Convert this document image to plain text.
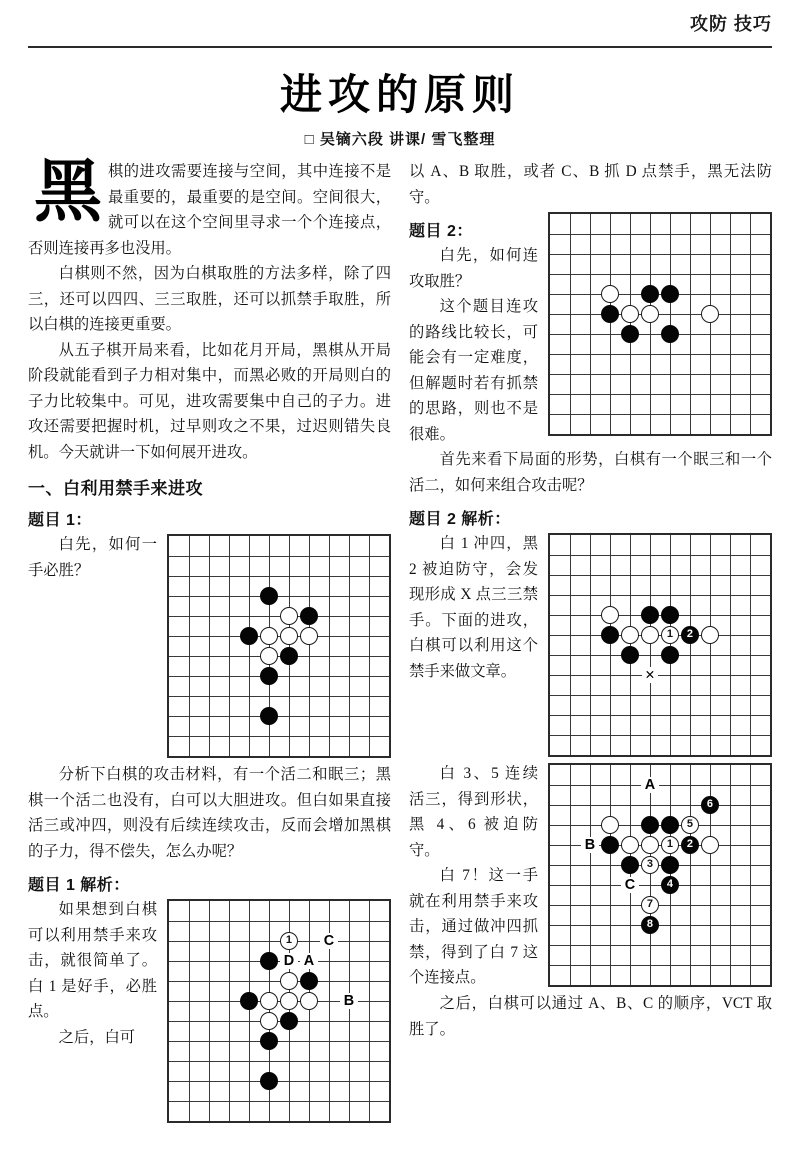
攻防 技巧
进攻的原则
□ 吴镝六段 讲课/ 雪飞整理

黑棋的进攻需要连接与空间，其中连接不是最重要的，最重要的是空间。空间很大，就可以在这个空间里寻求一个个连接点，否则连接再多也没用。

白棋则不然，因为白棋取胜的方法多样，除了四三，还可以四四、三三取胜，还可以抓禁手取胜，所以白棋的连接更重要。

从五子棋开局来看，比如花月开局，黑棋从开局阶段就能看到子力相对集中，而黑必败的开局则白的子力比较集中。可见，进攻需要集中自己的子力。进攻还需要把握时机，过早则攻之不果，过迟则错失良机。今天就讲一下如何展开进攻。

一、白利用禁手来进攻
题目 1：

白先，如何一手必胜？

分析下白棋的攻击材料，有一个活二和眠三；黑棋一个活二也没有，白可以大胆进攻。但白如果直接活三或冲四，则没有后续连续攻击，反而会增加黑棋的子力，得不偿失，怎么办呢？

题目 1 解析：
1	C
D A
B

如果想到白棋可以利用禁手来攻击，就很简单了。白 1 是好手，必胜点。

之后，白可

以 A、B 取胜，或者 C、B 抓 D 点禁手，黑无法防守。

题目 2：

白先，如何连攻取胜？

这个题目连攻的路线比较长，可能会有一定难度，但解题时若有抓禁的思路，则也不是很难。

首先来看下局面的形势，白棋有一个眠三和一个活二，如何来组合攻击呢？

题目 2 解析：
1	2
✕

白 1 冲四，黑 2 被迫防守，会发现形成 X 点三三禁手。下面的进攻，白棋可以利用这个禁手来做文章。

6
5
1	2
3
4
7
8
A
B
C

白 3、5 连续活三，得到形状，黑 4、6 被迫防守。

白 7！这一手就在利用禁手来攻击，通过做冲四抓禁，得到了白 7 这个连接点。

之后，白棋可以通过 A、B、C 的顺序，VCT 取胜了。
